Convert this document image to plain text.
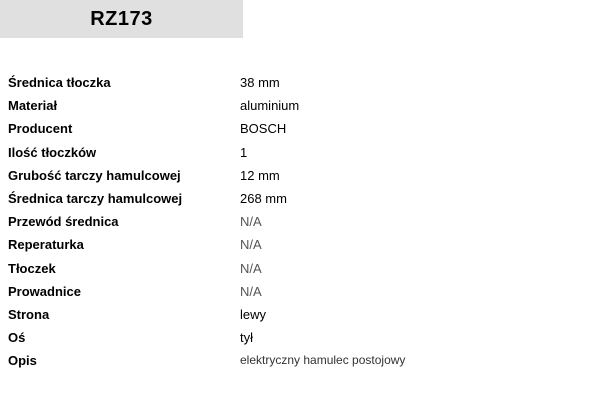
RZ173
Średnica tłoczka	38 mm
Materiał	aluminium
Producent	BOSCH
Ilość tłoczków	1
Grubość tarczy hamulcowej	12 mm
Średnica tarczy hamulcowej	268 mm
Przewód średnica	N/A
Reperaturka	N/A
Tłoczek	N/A
Prowadnice	N/A
Strona	lewy
Oś	tył
Opis	elektryczny hamulec postojowy
